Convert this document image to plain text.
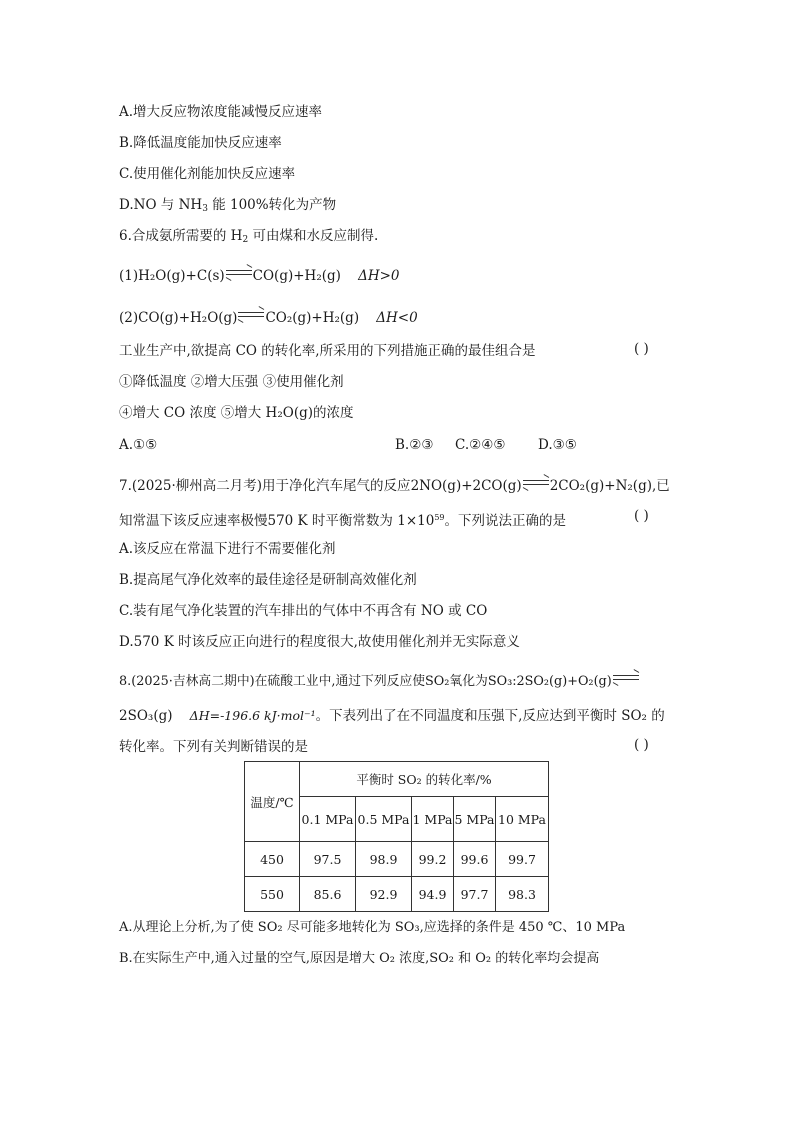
A.增大反应物浓度能减慢反应速率
B.降低温度能加快反应速率
C.使用催化剂能加快反应速率
D.NO 与 $NH_3$ 能 100%转化为产物
6.合成氨所需要的 $H_2$ 可由煤和水反应制得.
(1)H₂O(g)+C(s) CO(g)+H₂(g) ΔH>0
(2)CO(g)+H₂O(g) CO₂(g)+H₂(g) ΔH<0
工业生产中,欲提高 CO 的转化率,所采用的下列措施正确的最佳组合是	( )
①降低温度 ②增大压强 ③使用催化剂
④增大 CO 浓度 ⑤增大 H₂O(g)的浓度
A.①⑤	B.②③ C.②④⑤ D.③⑤
7.(2025·柳州高二月考)用于净化汽车尾气的反应2NO(g)+2CO(g) 2CO₂(g)+N₂(g),已
知常温下该反应速率极慢570 K 时平衡常数为 $1\times 10^{59}$。下列说法正确的是	( )
A.该反应在常温下进行不需要催化剂
B.提高尾气净化效率的最佳途径是研制高效催化剂
C.装有尾气净化装置的汽车排出的气体中不再含有 NO 或 CO
D.570 K 时该反应正向进行的程度很大,故使用催化剂并无实际意义
8.(2025·吉林高二期中)在硫酸工业中,通过下列反应使SO₂氧化为SO₃:2SO₂(g)+O₂(g)
2SO₃(g) ΔH=-196.6 kJ·mol⁻¹。下表列出了在不同温度和压强下,反应达到平衡时 SO₂ 的
转化率。下列有关判断错误的是	( )
温度/℃	平衡时 SO₂ 的转化率/%				
	0.1 MPa	0.5 MPa	1 MPa	5 MPa	10 MPa
450	97.5	98.9	99.2	99.6	99.7
550	85.6	92.9	94.9	97.7	98.3
A.从理论上分析,为了使 SO₂ 尽可能多地转化为 SO₃,应选择的条件是 450 ℃、10 MPa
B.在实际生产中,通入过量的空气,原因是增大 O₂ 浓度,SO₂ 和 O₂ 的转化率均会提高
